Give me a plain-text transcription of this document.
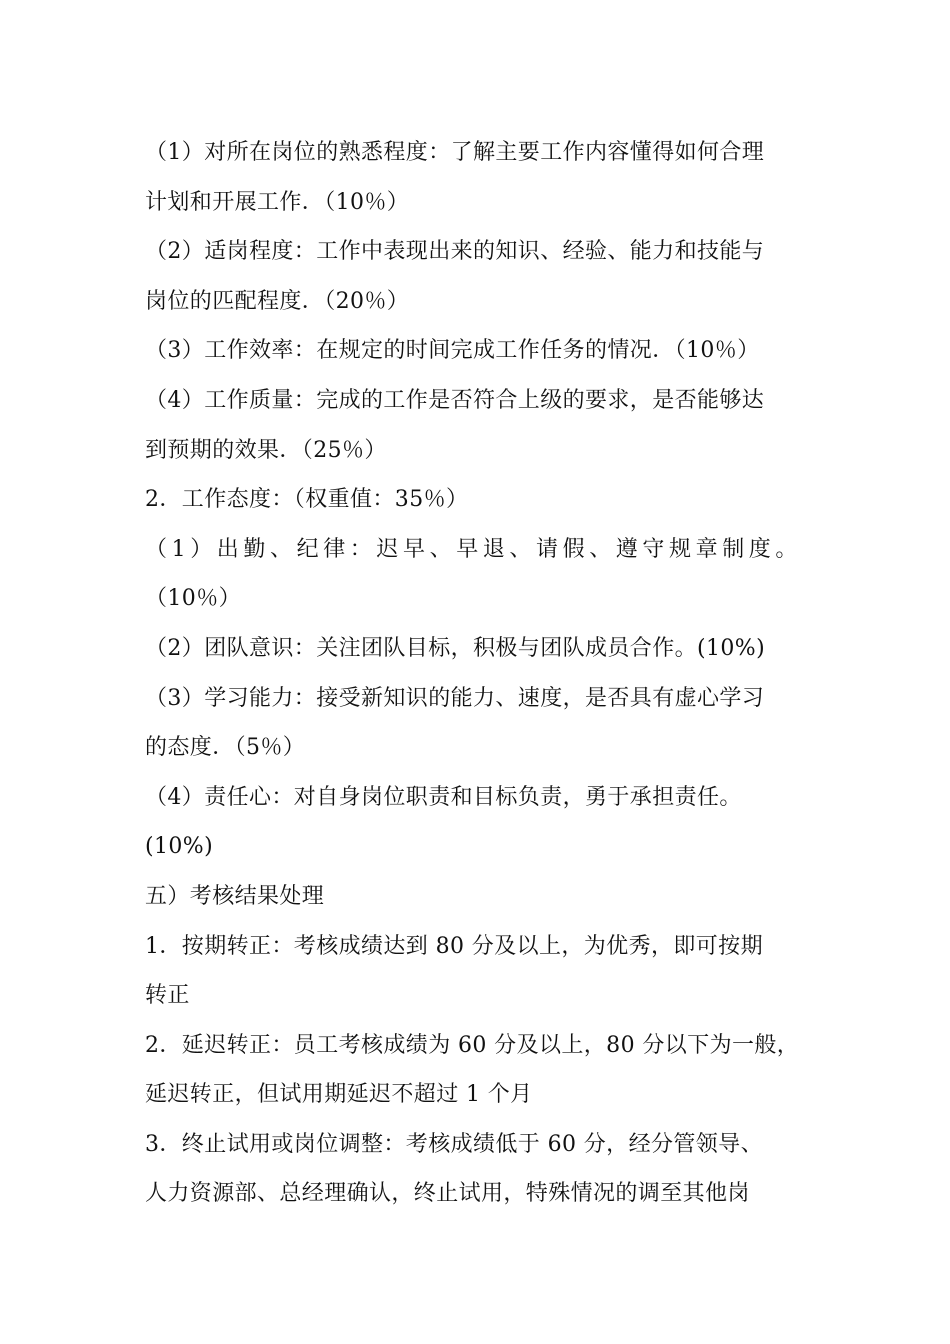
（1）对所在岗位的熟悉程度：了解主要工作内容懂得如何合理
计划和开展工作．（10％）
（2）适岗程度：工作中表现出来的知识、经验、能力和技能与
岗位的匹配程度．（20％）
（3）工作效率：在规定的时间完成工作任务的情况．（10％）
（4）工作质量：完成的工作是否符合上级的要求，是否能够达
到预期的效果．（25％）
2．工作态度：（权重值：35％）
（1）出勤、纪律：迟早、早退、请假、遵守规章制度。
（10％）
（2）团队意识：关注团队目标，积极与团队成员合作。(10%)
（3）学习能力：接受新知识的能力、速度，是否具有虚心学习
的态度．（5％）
（4）责任心：对自身岗位职责和目标负责，勇于承担责任。
(10%)
五）考核结果处理
1．按期转正：考核成绩达到 80 分及以上，为优秀，即可按期
转正
2．延迟转正：员工考核成绩为 60 分及以上，80 分以下为一般，
延迟转正，但试用期延迟不超过 1 个月
3．终止试用或岗位调整：考核成绩低于 60 分，经分管领导、
人力资源部、总经理确认，终止试用，特殊情况的调至其他岗
